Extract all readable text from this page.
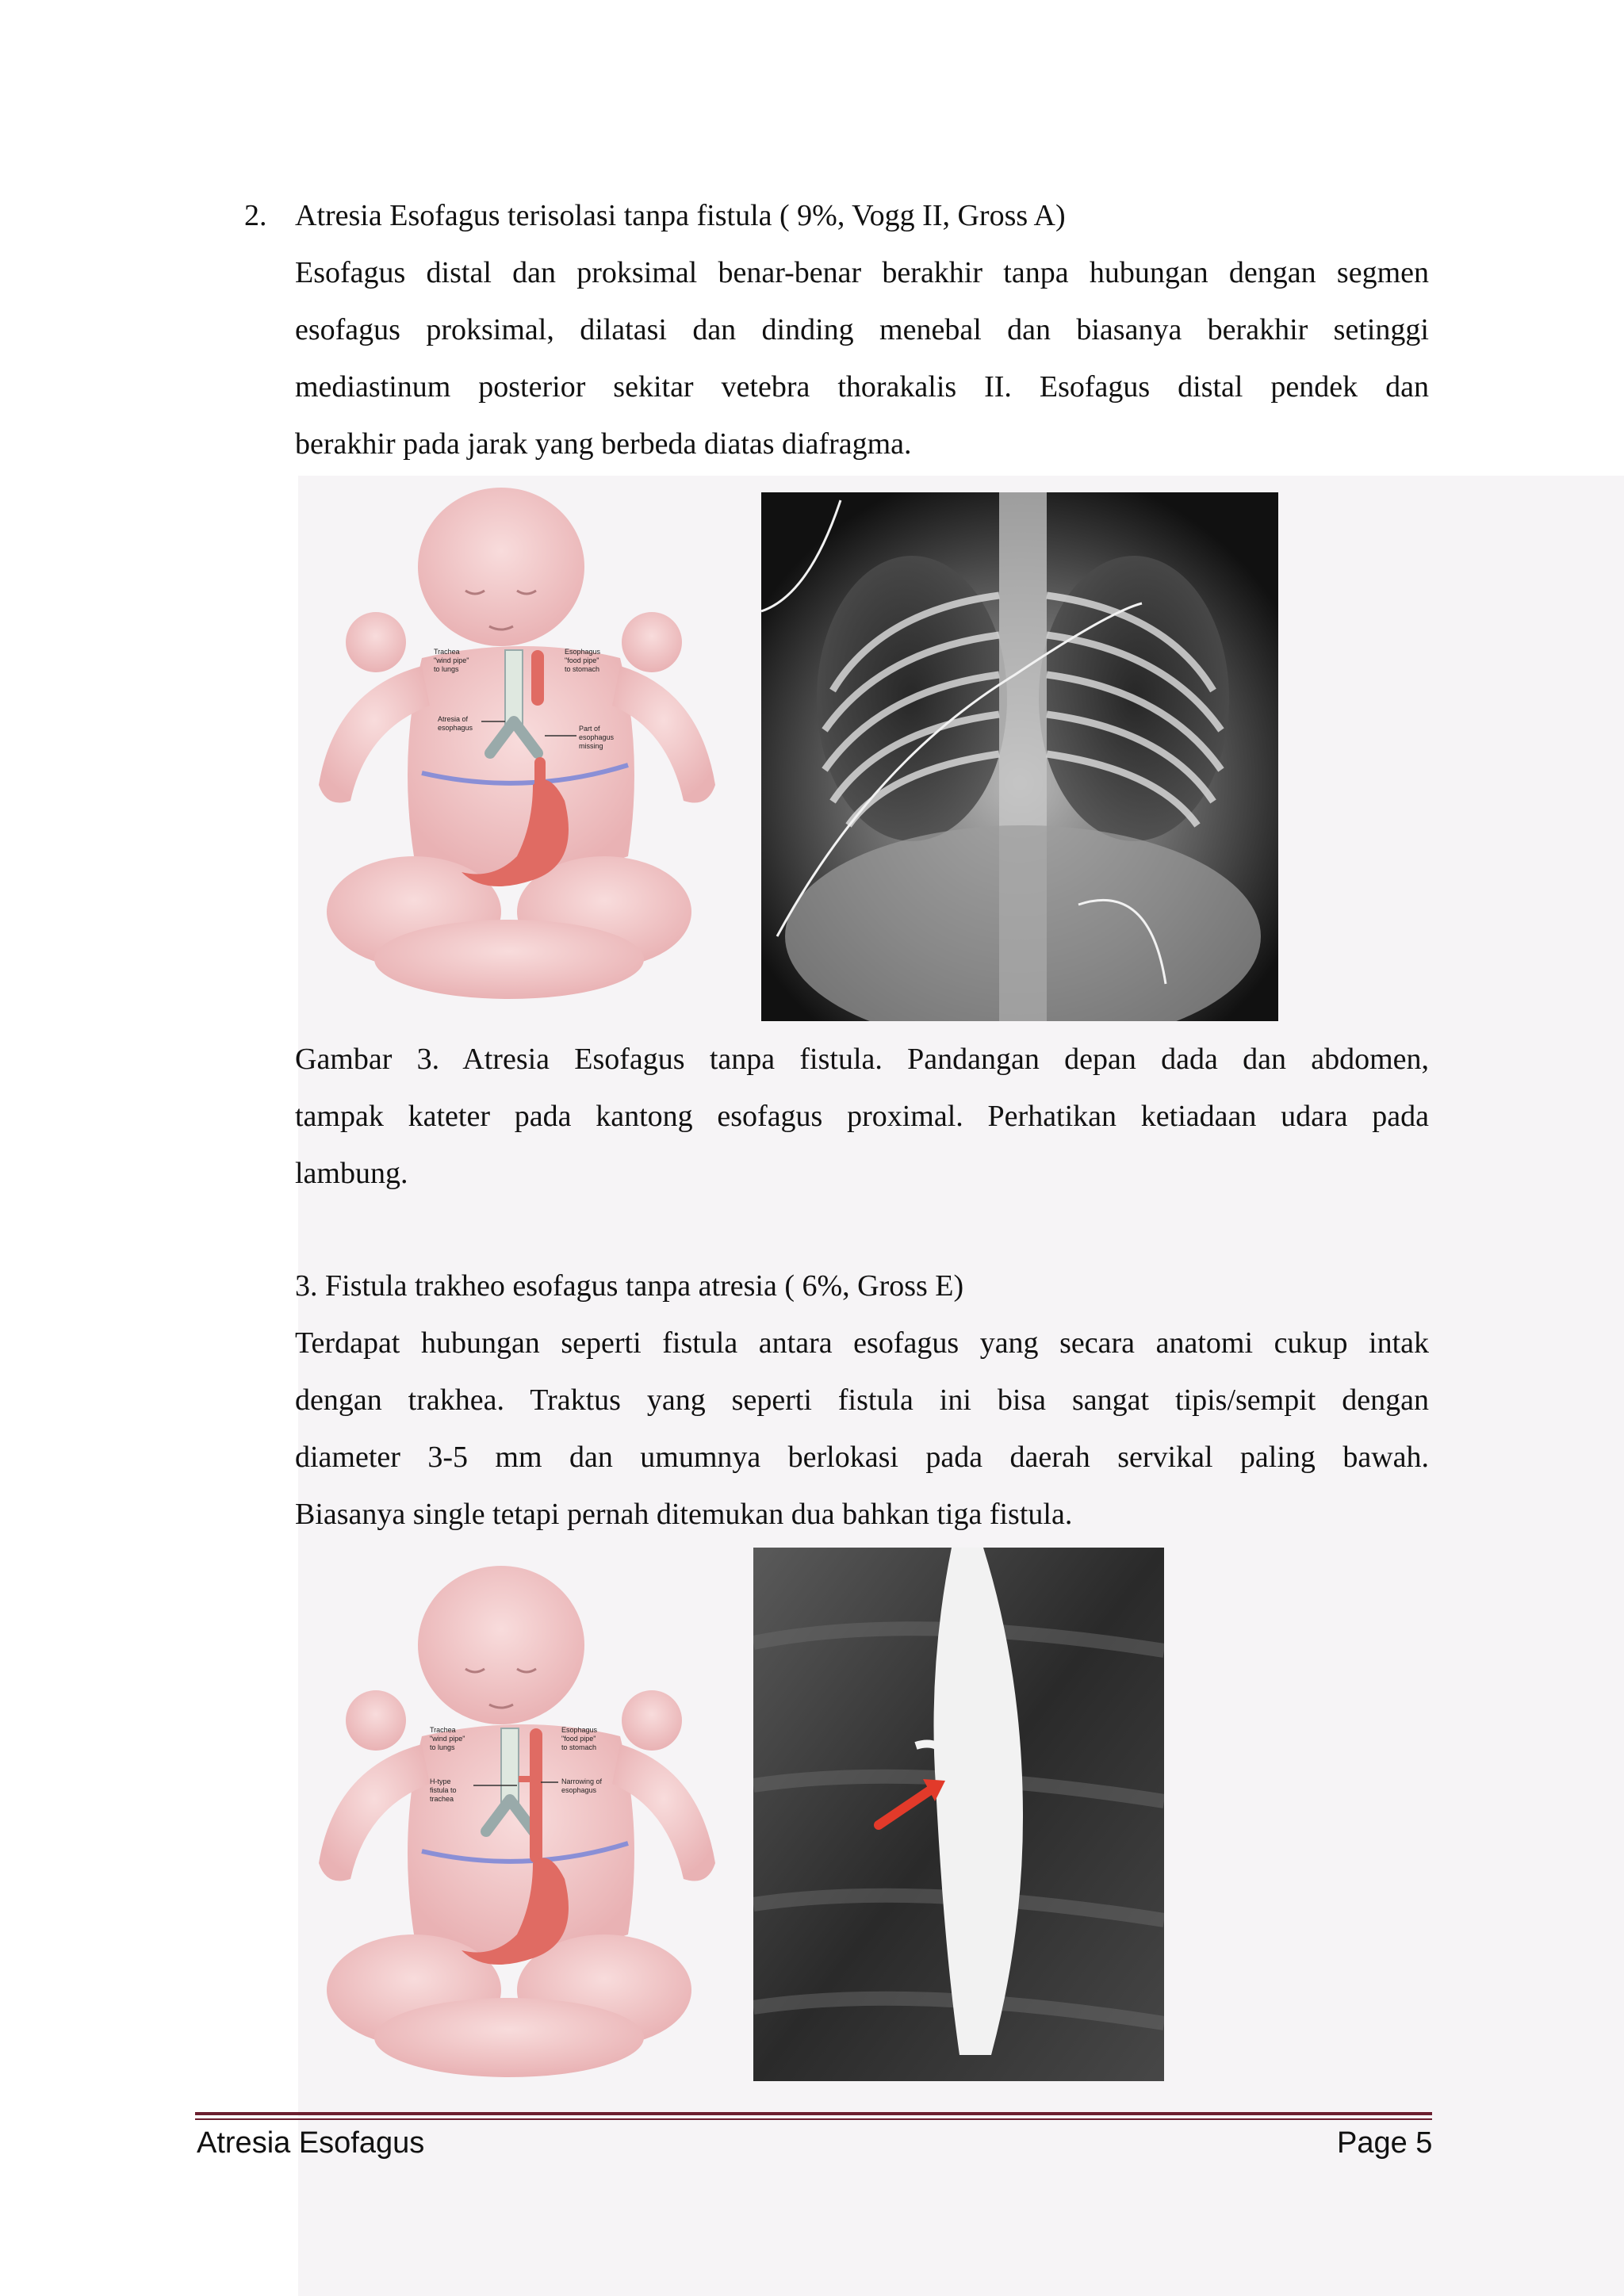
2. Atresia Esofagus terisolasi tanpa fistula ( 9%, Vogg II, Gross A)
Esofagus distal dan proksimal benar-benar berakhir tanpa hubungan dengan segmen
esofagus proksimal, dilatasi dan dinding menebal dan biasanya berakhir setinggi
mediastinum posterior sekitar vetebra thorakalis II. Esofagus distal pendek dan
berakhir pada jarak yang berbeda diatas diafragma.
Trachea
"wind pipe"
to lungs
Esophagus
"food pipe"
to stomach
Atresia of
esophagus	Part of
esophagus
missing
Gambar 3. Atresia Esofagus tanpa fistula. Pandangan depan dada dan abdomen,
tampak kateter pada kantong esofagus proximal. Perhatikan ketiadaan udara pada
lambung.
3. Fistula trakheo esofagus tanpa atresia ( 6%, Gross E)
Terdapat hubungan seperti fistula antara esofagus yang secara anatomi cukup intak
dengan trakhea. Traktus yang seperti fistula ini bisa sangat tipis/sempit dengan
diameter 3-5 mm dan umumnya berlokasi pada daerah servikal paling bawah.
Biasanya single tetapi pernah ditemukan dua bahkan tiga fistula.
Trachea
"wind pipe"
to lungs
Esophagus
"food pipe"
to stomach
H-type
fistula to
trachea
Narrowing of
esophagus
Atresia Esofagus	Page 5
